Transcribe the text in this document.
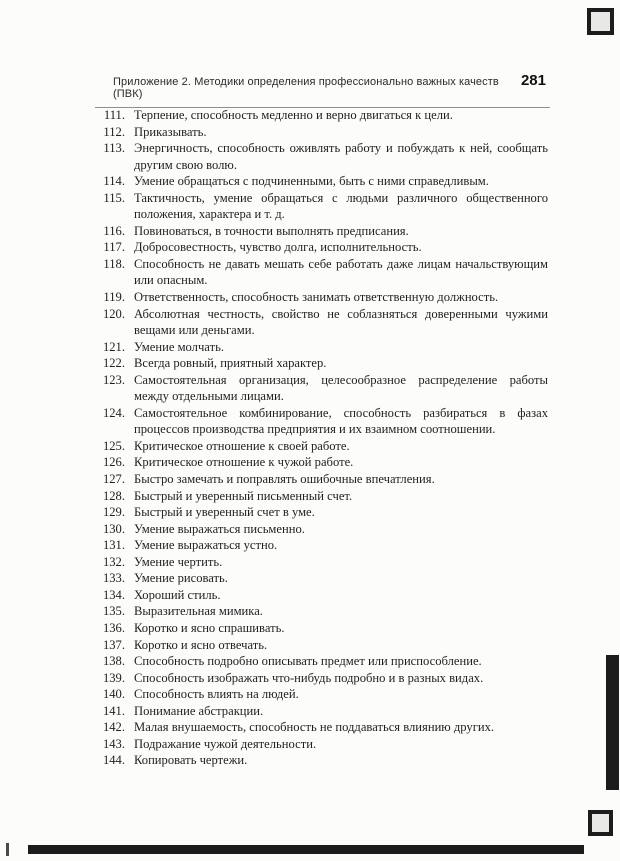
Приложение 2. Методики определения профессионально важных качеств (ПВК)
281
111. Терпение, способность медленно и верно двигаться к цели.
112. Приказывать.
113. Энергичность, способность оживлять работу и побуждать к ней, сообщать другим свою волю.
114. Умение обращаться с подчиненными, быть с ними справедливым.
115. Тактичность, умение обращаться с людьми различного общественного положения, характера и т. д.
116. Повиноваться, в точности выполнять предписания.
117. Добросовестность, чувство долга, исполнительность.
118. Способность не давать мешать себе работать даже лицам начальствующим или опасным.
119. Ответственность, способность занимать ответственную должность.
120. Абсолютная честность, свойство не соблазняться доверенными чужими вещами или деньгами.
121. Умение молчать.
122. Всегда ровный, приятный характер.
123. Самостоятельная организация, целесообразное распределение работы между отдельными лицами.
124. Самостоятельное комбинирование, способность разбираться в фазах процессов производства предприятия и их взаимном соотношении.
125. Критическое отношение к своей работе.
126. Критическое отношение к чужой работе.
127. Быстро замечать и поправлять ошибочные впечатления.
128. Быстрый и уверенный письменный счет.
129. Быстрый и уверенный счет в уме.
130. Умение выражаться письменно.
131. Умение выражаться устно.
132. Умение чертить.
133. Умение рисовать.
134. Хороший стиль.
135. Выразительная мимика.
136. Коротко и ясно спрашивать.
137. Коротко и ясно отвечать.
138. Способность подробно описывать предмет или приспособление.
139. Способность изображать что-нибудь подробно и в разных видах.
140. Способность влиять на людей.
141. Понимание абстракции.
142. Малая внушаемость, способность не поддаваться влиянию других.
143. Подражание чужой деятельности.
144. Копировать чертежи.
